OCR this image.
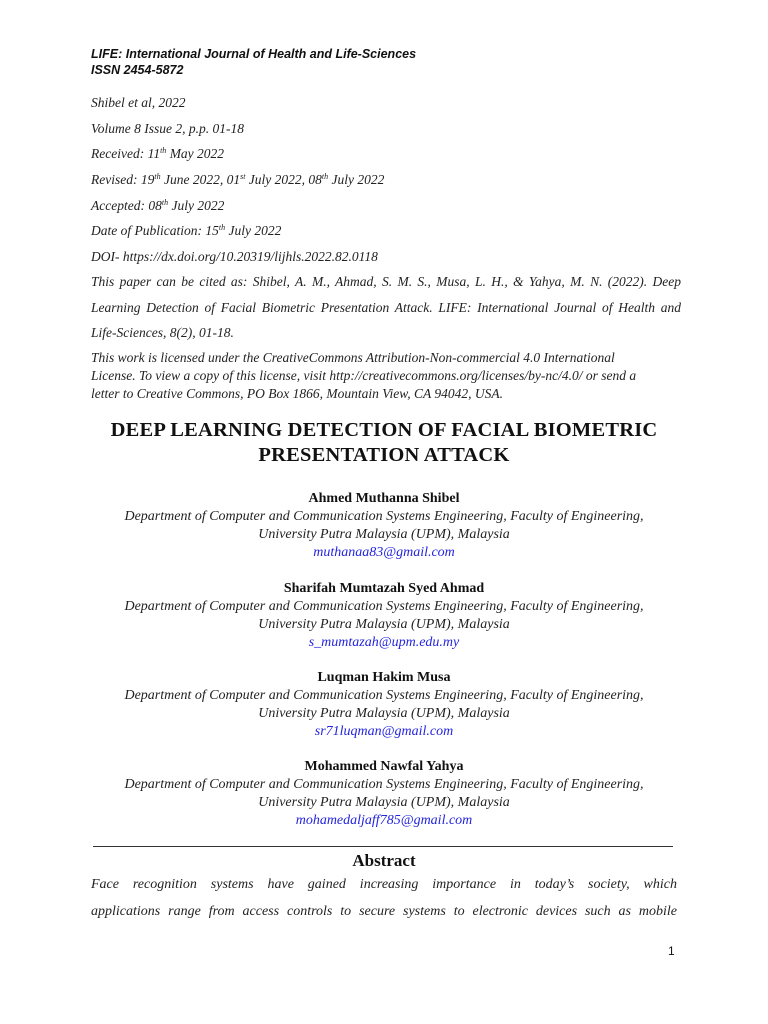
LIFE: International Journal of Health and Life-Sciences
ISSN 2454-5872
Shibel et al, 2022
Volume 8 Issue 2, p.p. 01-18
Received: 11th May 2022
Revised: 19th June 2022, 01st July 2022, 08th July 2022
Accepted: 08th July 2022
Date of Publication: 15th July 2022
DOI- https://dx.doi.org/10.20319/lijhls.2022.82.0118
This paper can be cited as: Shibel, A. M., Ahmad, S. M. S., Musa, L. H., & Yahya, M. N. (2022). Deep Learning Detection of Facial Biometric Presentation Attack. LIFE: International Journal of Health and Life-Sciences, 8(2), 01-18.
This work is licensed under the CreativeCommons Attribution-Non-commercial 4.0 International License. To view a copy of this license, visit http://creativecommons.org/licenses/by-nc/4.0/ or send a letter to Creative Commons, PO Box 1866, Mountain View, CA 94042, USA.
DEEP LEARNING DETECTION OF FACIAL BIOMETRIC
PRESENTATION ATTACK
Ahmed Muthanna Shibel
Department of Computer and Communication Systems Engineering, Faculty of Engineering,
University Putra Malaysia (UPM), Malaysia
muthanaa83@gmail.com
Sharifah Mumtazah Syed Ahmad
Department of Computer and Communication Systems Engineering, Faculty of Engineering,
University Putra Malaysia (UPM), Malaysia
s_mumtazah@upm.edu.my
Luqman Hakim Musa
Department of Computer and Communication Systems Engineering, Faculty of Engineering,
University Putra Malaysia (UPM), Malaysia
sr71luqman@gmail.com
Mohammed Nawfal Yahya
Department of Computer and Communication Systems Engineering, Faculty of Engineering,
University Putra Malaysia (UPM), Malaysia
mohamedaljaff785@gmail.com
Abstract
Face recognition systems have gained increasing importance in today’s society, which
applications range from access controls to secure systems to electronic devices such as mobile
1
